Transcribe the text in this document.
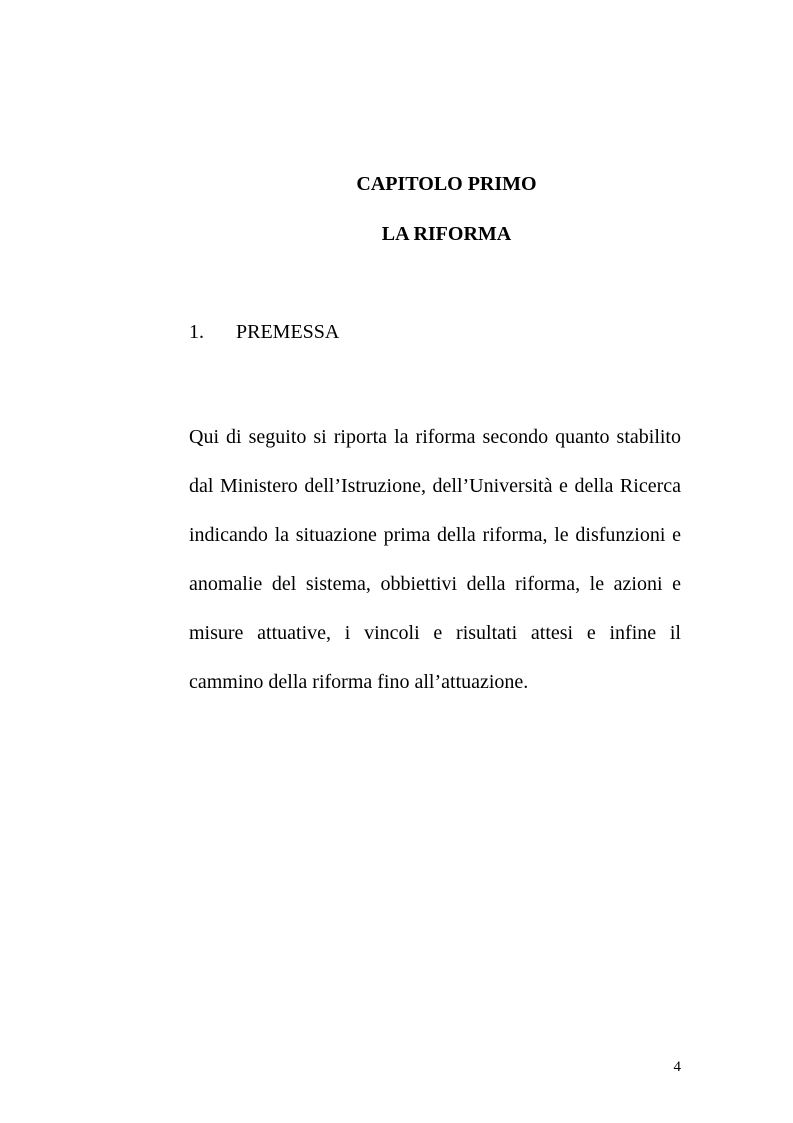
CAPITOLO PRIMO
LA RIFORMA
1. PREMESSA

Qui di seguito si riporta la riforma secondo quanto stabilito dal Ministero dell’Istruzione, dell’Università e della Ricerca indicando la situazione prima della riforma, le disfunzioni e anomalie del sistema, obbiettivi della riforma, le azioni e misure attuative, i vincoli e risultati attesi e infine il cammino della riforma fino all’attuazione.

4
